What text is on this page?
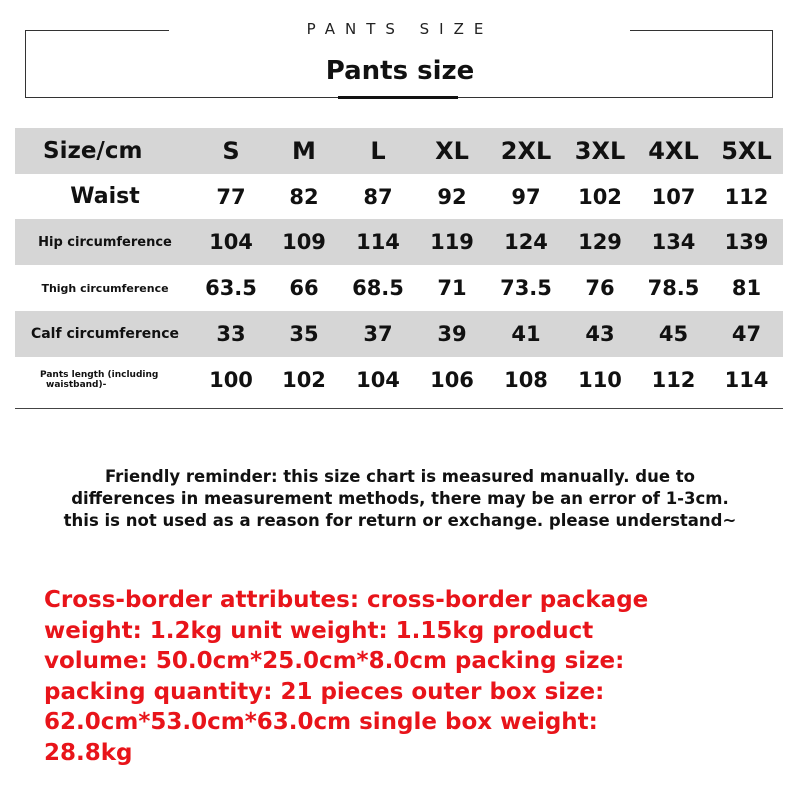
PANTS SIZE
Pants size
Size/cm	S	M	L	XL	2XL	3XL	4XL	5XL
Waist	77	82	87	92	97	102	107	112
Hip circumference	104	109	114	119	124	129	134	139
Thigh circumference	63.5	66	68.5	71	73.5	76	78.5	81
Calf circumference	33	35	37	39	41	43	45	47

Pants length (including
waistband)-	100	102	104	106	108	110	112	114
Friendly reminder: this size chart is measured manually. due to
differences in measurement methods, there may be an error of 1-3cm.
this is not used as a reason for return or exchange. please understand~
Cross-border attributes: cross-border package
weight: 1.2kg unit weight: 1.15kg product
volume: 50.0cm*25.0cm*8.0cm packing size:
packing quantity: 21 pieces outer box size:
62.0cm*53.0cm*63.0cm single box weight:
28.8kg
